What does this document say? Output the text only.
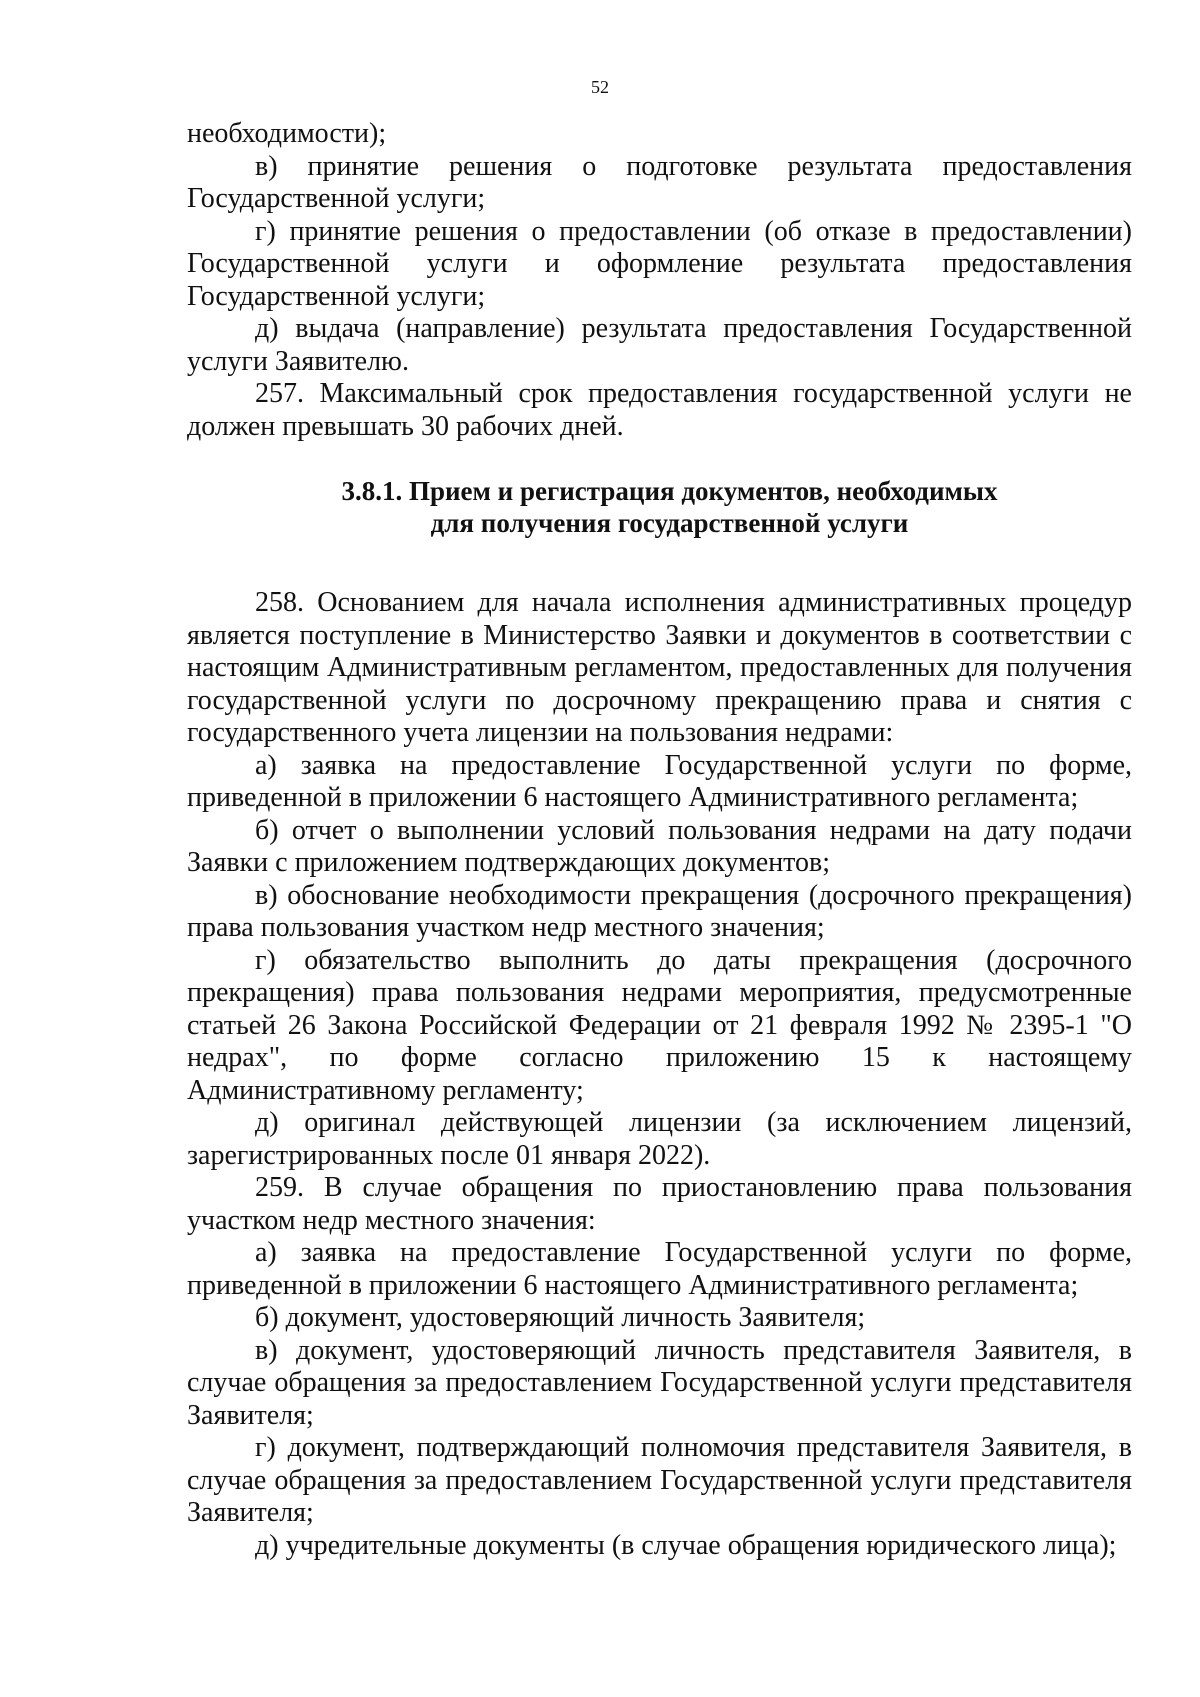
52
необходимости);
в) принятие решения о подготовке результата предоставления Государственной услуги;
г) принятие решения о предоставлении (об отказе в предоставлении) Государственной услуги и оформление результата предоставления Государственной услуги;
д) выдача (направление) результата предоставления Государственной услуги Заявителю.
257. Максимальный срок предоставления государственной услуги не должен превышать 30 рабочих дней.
3.8.1. Прием и регистрация документов, необходимых
для получения государственной услуги
258. Основанием для начала исполнения административных процедур является поступление в Министерство Заявки и документов в соответствии с настоящим Административным регламентом, предоставленных для получения государственной услуги по досрочному прекращению права и снятия с государственного учета лицензии на пользования недрами:
а) заявка на предоставление Государственной услуги по форме, приведенной в приложении 6 настоящего Административного регламента;
б) отчет о выполнении условий пользования недрами на дату подачи Заявки с приложением подтверждающих документов;
в) обоснование необходимости прекращения (досрочного прекращения) права пользования участком недр местного значения;
г) обязательство выполнить до даты прекращения (досрочного прекращения) права пользования недрами мероприятия, предусмотренные статьей 26 Закона Российской Федерации от 21 февраля 1992 № 2395-1 "О недрах", по форме согласно приложению 15 к настоящему Административному регламенту;
д) оригинал действующей лицензии (за исключением лицензий, зарегистрированных после 01 января 2022).
259. В случае обращения по приостановлению права пользования участком недр местного значения:
а) заявка на предоставление Государственной услуги по форме, приведенной в приложении 6 настоящего Административного регламента;
б) документ, удостоверяющий личность Заявителя;
в) документ, удостоверяющий личность представителя Заявителя, в случае обращения за предоставлением Государственной услуги представителя Заявителя;
г) документ, подтверждающий полномочия представителя Заявителя, в случае обращения за предоставлением Государственной услуги представителя Заявителя;
д) учредительные документы (в случае обращения юридического лица);
